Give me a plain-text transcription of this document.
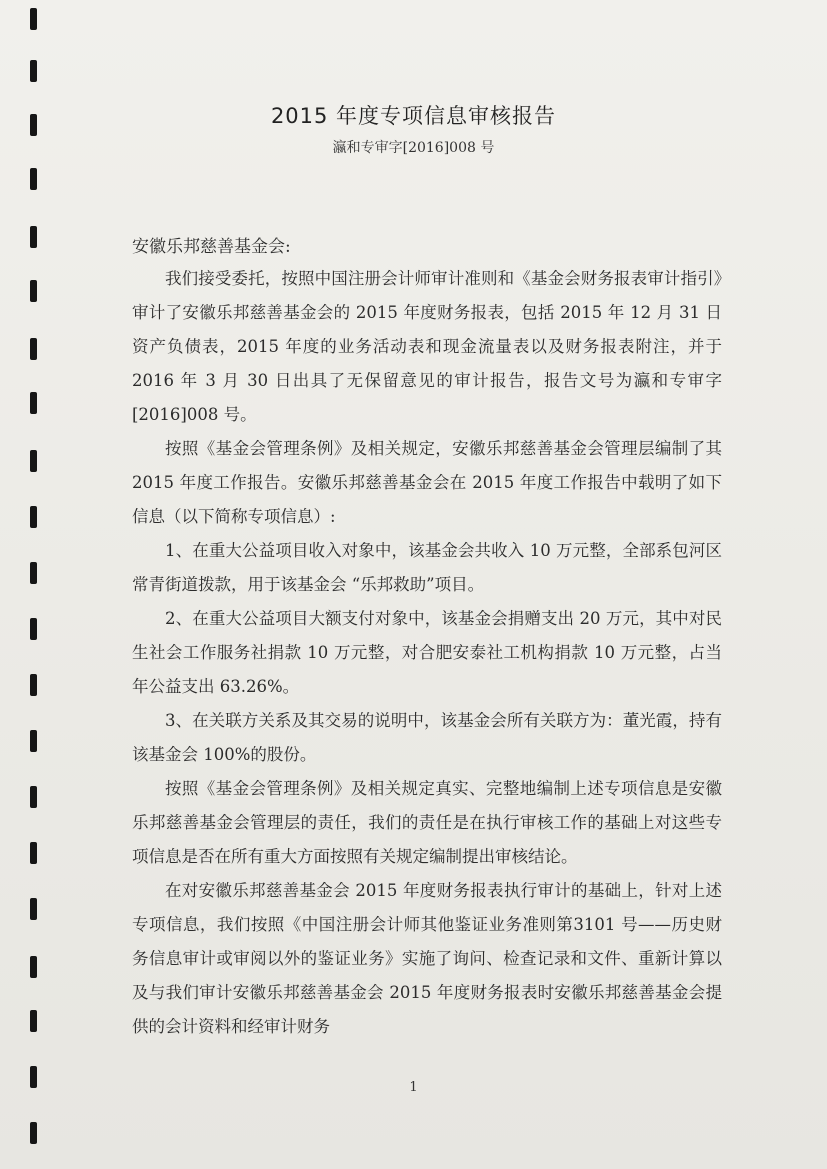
2015 年度专项信息审核报告
瀛和专审字[2016]008 号
安徽乐邦慈善基金会:

我们接受委托，按照中国注册会计师审计准则和《基金会财务报表审计指引》审计了安徽乐邦慈善基金会的 2015 年度财务报表，包括 2015 年 12 月 31 日资产负债表，2015 年度的业务活动表和现金流量表以及财务报表附注，并于 2016 年 3 月 30 日出具了无保留意见的审计报告，报告文号为瀛和专审字[2016]008 号。

按照《基金会管理条例》及相关规定，安徽乐邦慈善基金会管理层编制了其 2015 年度工作报告。安徽乐邦慈善基金会在 2015 年度工作报告中载明了如下信息（以下简称专项信息）:

1、在重大公益项目收入对象中，该基金会共收入 10 万元整，全部系包河区常青街道拨款，用于该基金会 “乐邦救助”项目。

2、在重大公益项目大额支付对象中，该基金会捐赠支出 20 万元，其中对民生社会工作服务社捐款 10 万元整，对合肥安泰社工机构捐款 10 万元整，占当年公益支出 63.26%。

3、在关联方关系及其交易的说明中，该基金会所有关联方为：董光霞，持有该基金会 100%的股份。

按照《基金会管理条例》及相关规定真实、完整地编制上述专项信息是安徽乐邦慈善基金会管理层的责任，我们的责任是在执行审核工作的基础上对这些专项信息是否在所有重大方面按照有关规定编制提出审核结论。

在对安徽乐邦慈善基金会 2015 年度财务报表执行审计的基础上，针对上述专项信息，我们按照《中国注册会计师其他鉴证业务准则第3101 号——历史财务信息审计或审阅以外的鉴证业务》实施了询问、检查记录和文件、重新计算以及与我们审计安徽乐邦慈善基金会 2015 年度财务报表时安徽乐邦慈善基金会提供的会计资料和经审计财务

1
